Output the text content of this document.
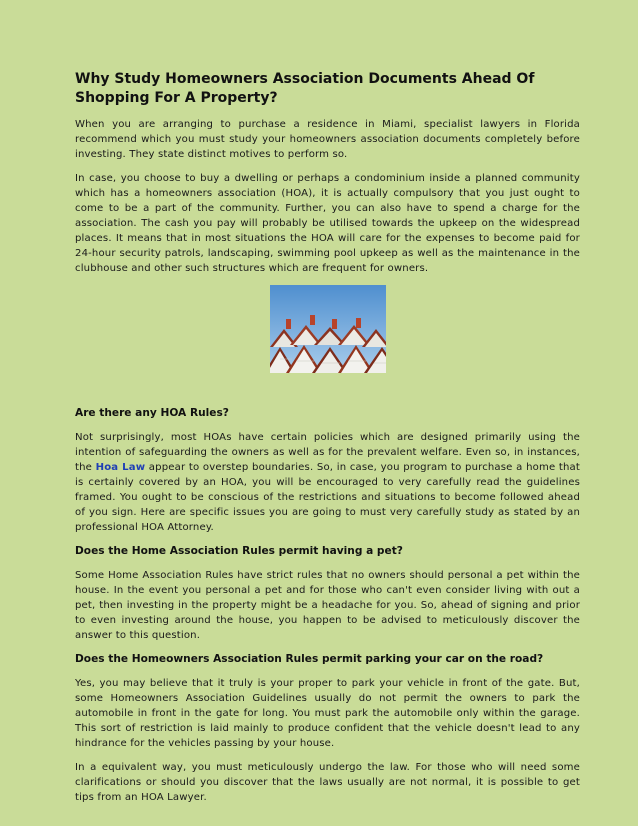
Why Study Homeowners Association Documents Ahead Of Shopping For A Property?

When you are arranging to purchase a residence in Miami, specialist lawyers in Florida recommend which you must study your homeowners association documents completely before investing. They state distinct motives to perform so.

In case, you choose to buy a dwelling or perhaps a condominium inside a planned community which has a homeowners association (HOA), it is actually compulsory that you just ought to come to be a part of the community. Further, you can also have to spend a charge for the association. The cash you pay will probably be utilised towards the upkeep on the widespread places. It means that in most situations the HOA will care for the expenses to become paid for 24-hour security patrols, landscaping, swimming pool upkeep as well as the maintenance in the clubhouse and other such structures which are frequent for owners.

Are there any HOA Rules?

Not surprisingly, most HOAs have certain policies which are designed primarily using the intention of safeguarding the owners as well as for the prevalent welfare. Even so, in instances, the Hoa Law appear to overstep boundaries. So, in case, you program to purchase a home that is certainly covered by an HOA, you will be encouraged to very carefully read the guidelines framed. You ought to be conscious of the restrictions and situations to become followed ahead of you sign. Here are specific issues you are going to must very carefully study as stated by an professional HOA Attorney.

Does the Home Association Rules permit having a pet?

Some Home Association Rules have strict rules that no owners should personal a pet within the house. In the event you personal a pet and for those who can't even consider living with out a pet, then investing in the property might be a headache for you. So, ahead of signing and prior to even investing around the house, you happen to be advised to meticulously discover the answer to this question.

Does the Homeowners Association Rules permit parking your car on the road?

Yes, you may believe that it truly is your proper to park your vehicle in front of the gate. But, some Homeowners Association Guidelines usually do not permit the owners to park the automobile in front in the gate for long. You must park the automobile only within the garage. This sort of restriction is laid mainly to produce confident that the vehicle doesn't lead to any hindrance for the vehicles passing by your house.

In a equivalent way, you must meticulously undergo the law. For those who will need some clarifications or should you discover that the laws usually are not normal, it is possible to get tips from an HOA Lawyer.
